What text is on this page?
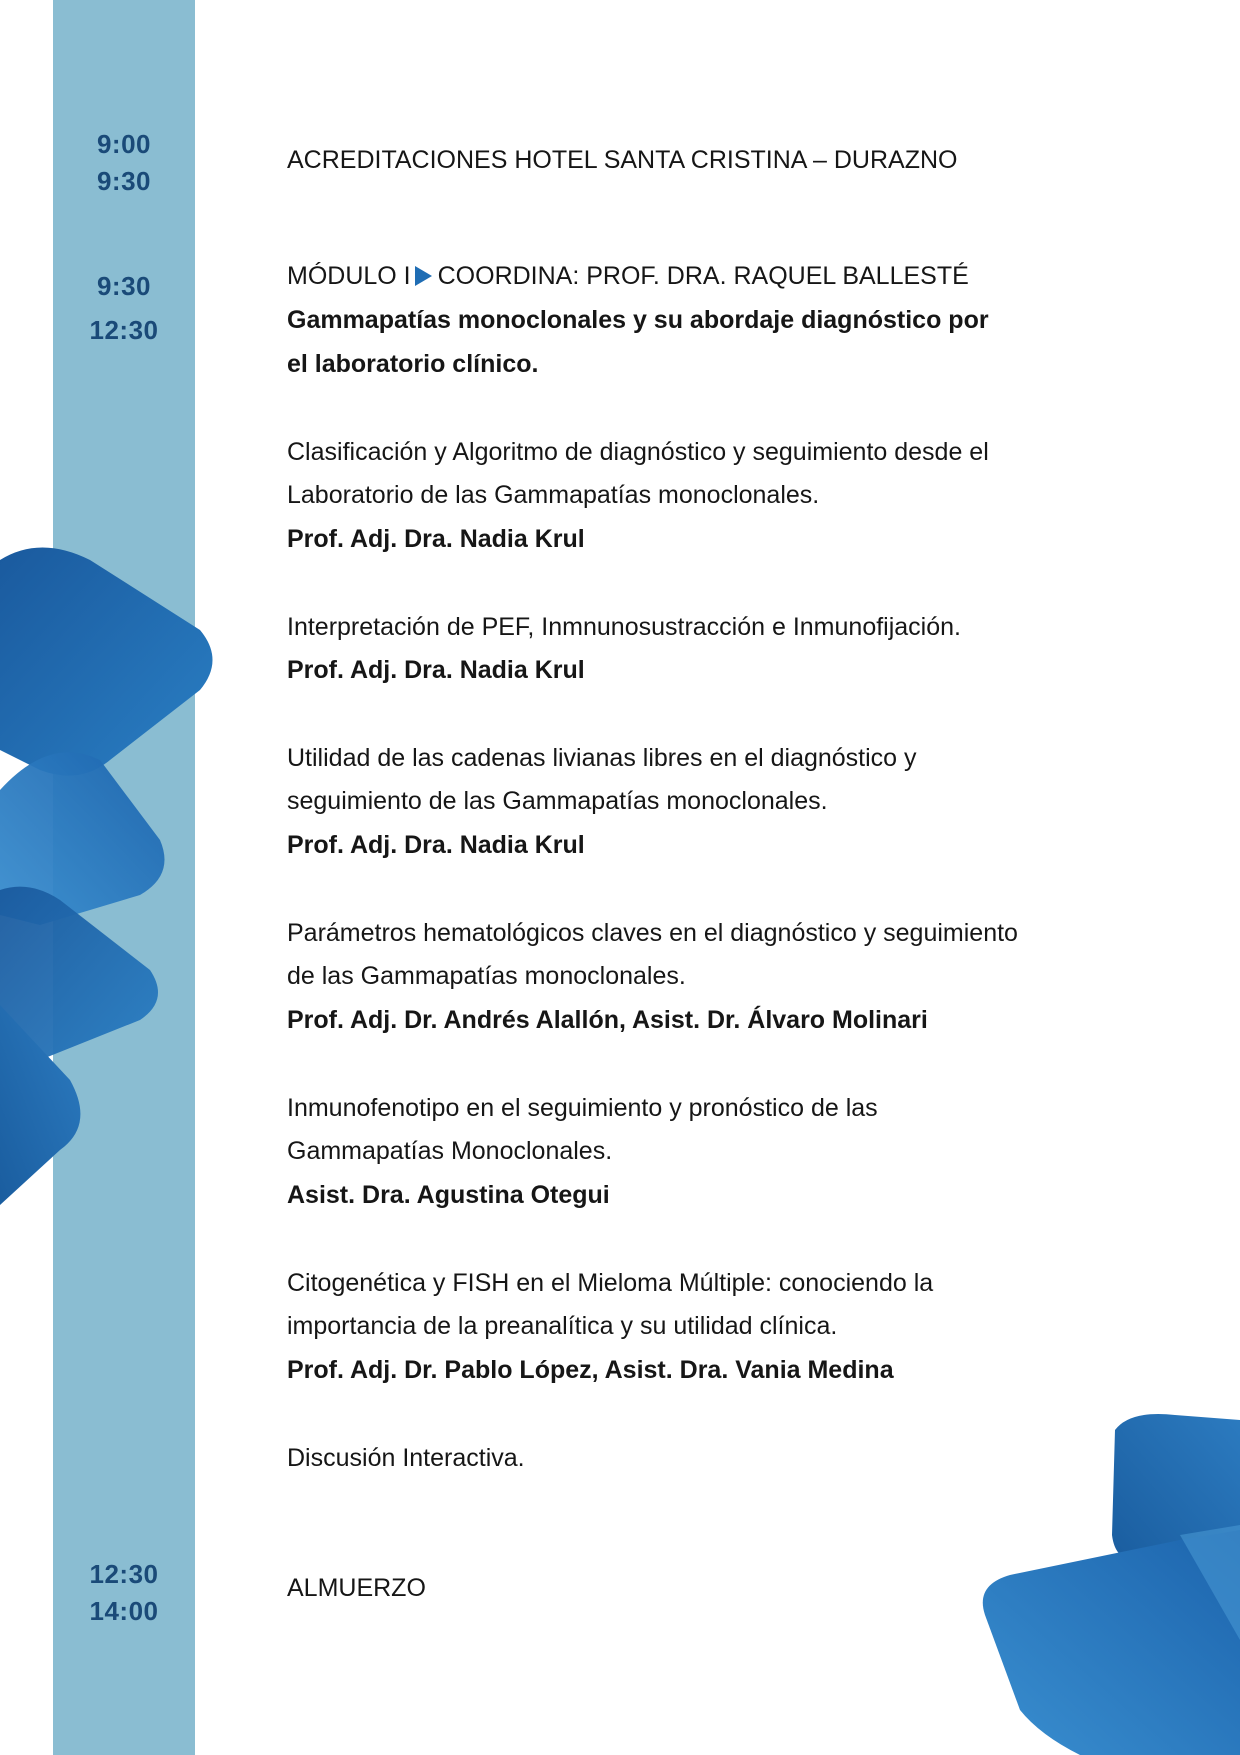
9:00
9:30
9:30
12:30
12:30
14:00
ACREDITACIONES HOTEL SANTA CRISTINA – DURAZNO
MÓDULO I COORDINA: PROF. DRA. RAQUEL BALLESTÉ
Gammapatías monoclonales y su abordaje diagnóstico por
el laboratorio clínico.
Clasificación y Algoritmo de diagnóstico y seguimiento desde el
Laboratorio de las Gammapatías monoclonales.
Prof. Adj. Dra. Nadia Krul
Interpretación de PEF, Inmnunosustracción e Inmunofijación.
Prof. Adj. Dra. Nadia Krul
Utilidad de las cadenas livianas libres en el diagnóstico y
seguimiento de las Gammapatías monoclonales.
Prof. Adj. Dra. Nadia Krul
Parámetros hematológicos claves en el diagnóstico y seguimiento
de las Gammapatías monoclonales.
Prof. Adj. Dr. Andrés Alallón, Asist. Dr. Álvaro Molinari
Inmunofenotipo en el seguimiento y pronóstico de las
Gammapatías Monoclonales.
Asist. Dra. Agustina Otegui
Citogenética y FISH en el Mieloma Múltiple: conociendo la
importancia de la preanalítica y su utilidad clínica.
Prof. Adj. Dr. Pablo López, Asist. Dra. Vania Medina
Discusión Interactiva.
ALMUERZO
